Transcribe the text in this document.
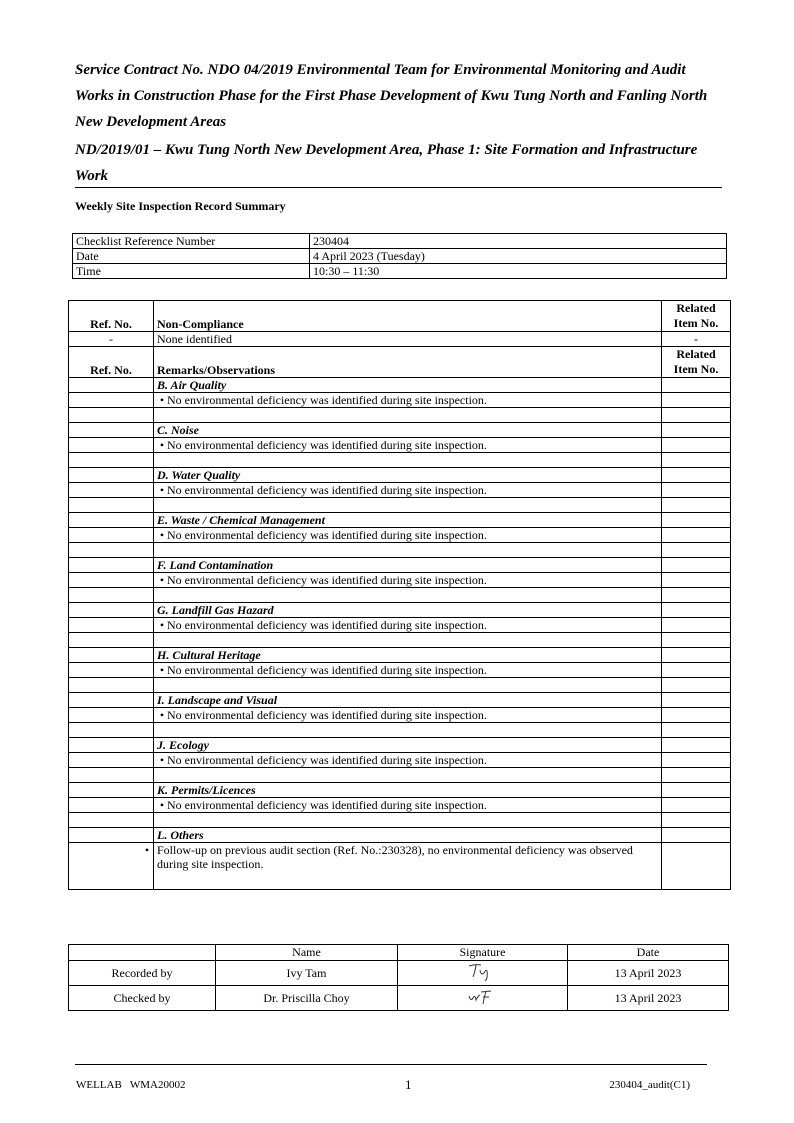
Service Contract No. NDO 04/2019 Environmental Team for Environmental Monitoring and Audit Works in Construction Phase for the First Phase Development of Kwu Tung North and Fanling North New Development Areas
ND/2019/01 – Kwu Tung North New Development Area, Phase 1: Site Formation and Infrastructure Work
Weekly Site Inspection Record Summary
Checklist Reference Number	230404
Date	4 April 2023 (Tuesday)
Time	10:30 – 11:30
Ref. No.	Non-Compliance	Related Item No.
-	None identified	-
Ref. No.	Remarks/Observations	Related Item No.
	B. Air Quality	
	• No environmental deficiency was identified during site inspection.	

	C. Noise	
	• No environmental deficiency was identified during site inspection.	

	D. Water Quality	
	• No environmental deficiency was identified during site inspection.	

	E. Waste / Chemical Management	
	• No environmental deficiency was identified during site inspection.	

	F. Land Contamination	
	• No environmental deficiency was identified during site inspection.	

	G. Landfill Gas Hazard	
	• No environmental deficiency was identified during site inspection.	

	H. Cultural Heritage	
	• No environmental deficiency was identified during site inspection.	

	I. Landscape and Visual	
	• No environmental deficiency was identified during site inspection.	

	J. Ecology	
	• No environmental deficiency was identified during site inspection.	

	K. Permits/Licences	
	• No environmental deficiency was identified during site inspection.	

	L. Others	
	• Follow-up on previous audit section (Ref. No.:230328), no environmental deficiency was observed during site inspection.	
	Name	Signature	Date
Recorded by	Ivy Tam		13 April 2023
Checked by	Dr. Priscilla Choy		13 April 2023
WELLAB   WMA20002	1	230404_audit(C1)
